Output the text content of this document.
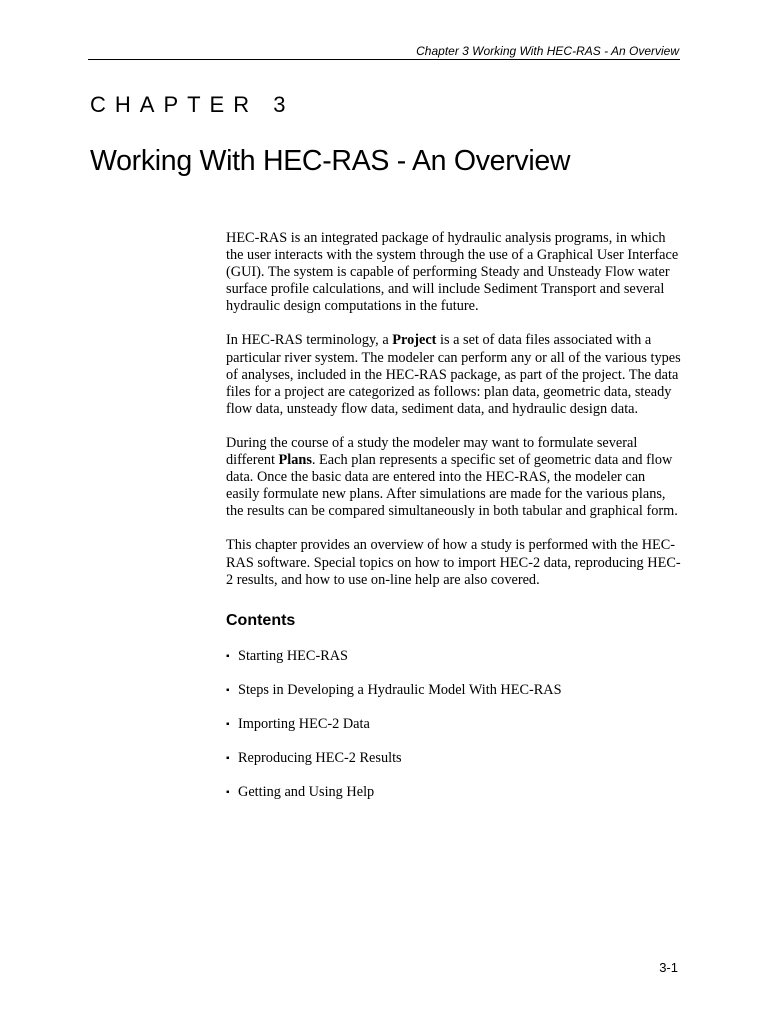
Chapter 3 Working With HEC-RAS - An Overview
CHAPTER 3
Working With HEC-RAS - An Overview

HEC-RAS is an integrated package of hydraulic analysis programs, in which the user interacts with the system through the use of a Graphical User Interface (GUI). The system is capable of performing Steady and Unsteady Flow water surface profile calculations, and will include Sediment Transport and several hydraulic design computations in the future.

In HEC-RAS terminology, a Project is a set of data files associated with a particular river system. The modeler can perform any or all of the various types of analyses, included in the HEC-RAS package, as part of the project. The data files for a project are categorized as follows: plan data, geometric data, steady flow data, unsteady flow data, sediment data, and hydraulic design data.

During the course of a study the modeler may want to formulate several different Plans. Each plan represents a specific set of geometric data and flow data. Once the basic data are entered into the HEC-RAS, the modeler can easily formulate new plans. After simulations are made for the various plans, the results can be compared simultaneously in both tabular and graphical form.

This chapter provides an overview of how a study is performed with the HEC-RAS software. Special topics on how to import HEC-2 data, reproducing HEC-2 results, and how to use on-line help are also covered.

Contents
▪ Starting HEC-RAS
▪ Steps in Developing a Hydraulic Model With HEC-RAS
▪ Importing HEC-2 Data
▪ Reproducing HEC-2 Results
▪ Getting and Using Help
3-1
